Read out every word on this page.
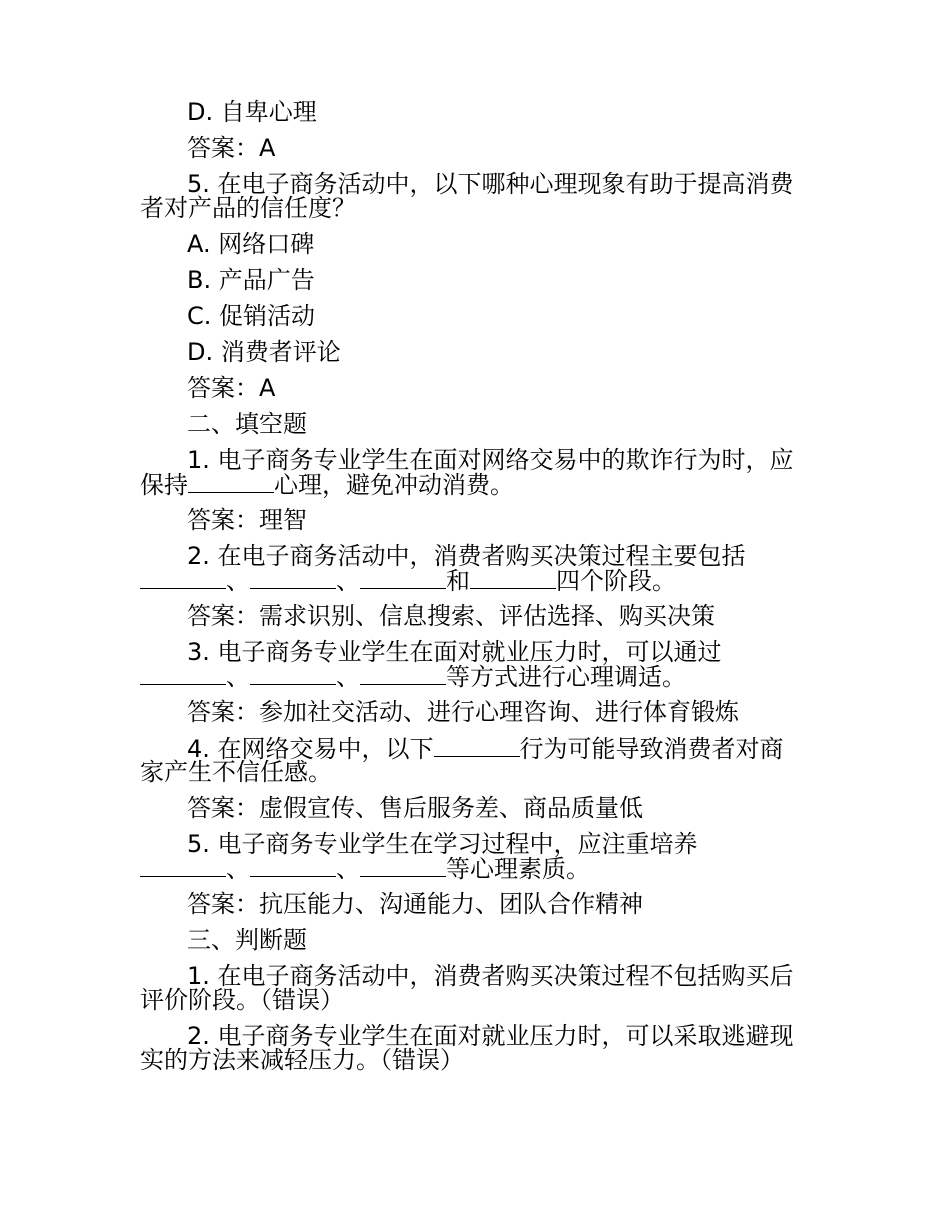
D. 自卑心理
答案：A
5. 在电子商务活动中，以下哪种心理现象有助于提高消费
者对产品的信任度？
A. 网络口碑
B. 产品广告
C. 促销活动
D. 消费者评论
答案：A
二、填空题
1. 电子商务专业学生在面对网络交易中的欺诈行为时，应
保持	心理，避免冲动消费。
答案：理智
2. 在电子商务活动中，消费者购买决策过程主要包括
、	、	和	四个阶段。
答案：需求识别、信息搜索、评估选择、购买决策
3. 电子商务专业学生在面对就业压力时，可以通过
、	、	等方式进行心理调适。
答案：参加社交活动、进行心理咨询、进行体育锻炼
4. 在网络交易中，以下	行为可能导致消费者对商
家产生不信任感。
答案：虚假宣传、售后服务差、商品质量低
5. 电子商务专业学生在学习过程中，应注重培养
、	、	等心理素质。
答案：抗压能力、沟通能力、团队合作精神
三、判断题
1. 在电子商务活动中，消费者购买决策过程不包括购买后
评价阶段。（错误）
2. 电子商务专业学生在面对就业压力时，可以采取逃避现
实的方法来减轻压力。（错误）
